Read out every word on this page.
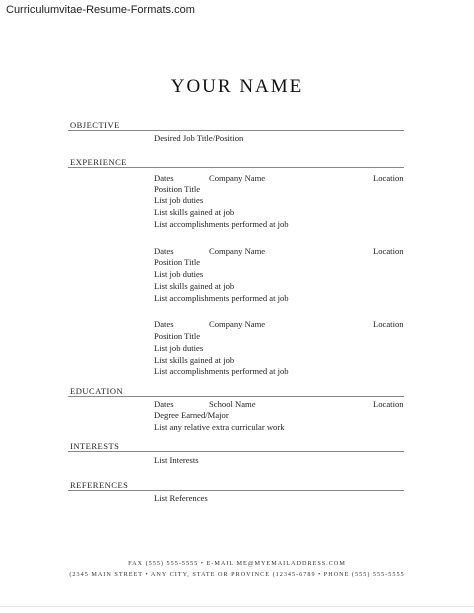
Curriculumvitae-Resume-Formats.com
YOUR NAME
OBJECTIVE
Desired Job Title/Position
EXPERIENCE
Dates	Company Name	Location
Position Title
List job duties
List skills gained at job
List accomplishments performed at job
Dates	Company Name	Location
Position Title
List job duties
List skills gained at job
List accomplishments performed at job
Dates	Company Name	Location
Position Title
List job duties
List skills gained at job
List accomplishments performed at job
EDUCATION
Dates	School Name	Location
Degree Earned/Major
List any relative extra curricular work
INTERESTS
List Interests
REFERENCES
List References
FAX (555) 555-5555 • E-MAIL ME@MYEMAILADDRESS.COM
(2345 MAIN STREET • ANY CITY, STATE OR PROVINCE (12345-6789 • PHONE (555) 555-5555
